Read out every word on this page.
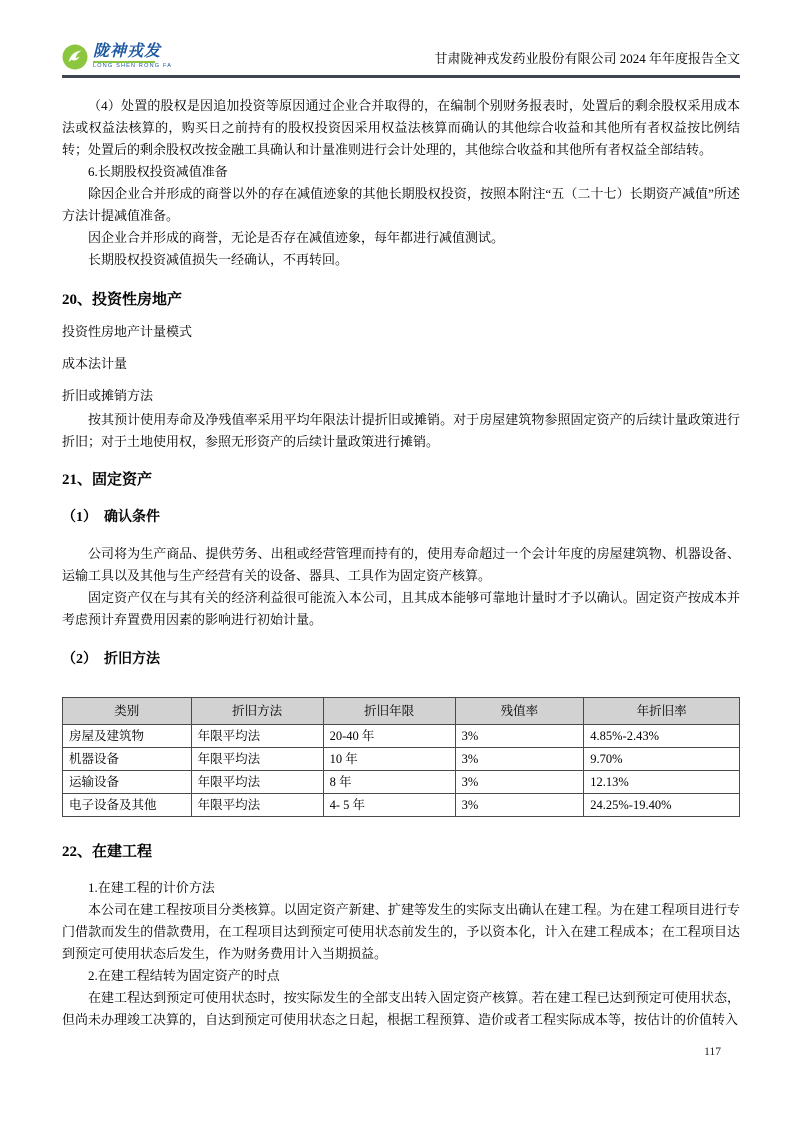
陇神戎发
LONG SHEN RONG FA
甘肃陇神戎发药业股份有限公司 2024 年年度报告全文

（4）处置的股权是因追加投资等原因通过企业合并取得的，在编制个别财务报表时，处置后的剩余股权采用成本法或权益法核算的，购买日之前持有的股权投资因采用权益法核算而确认的其他综合收益和其他所有者权益按比例结转；处置后的剩余股权改按金融工具确认和计量准则进行会计处理的，其他综合收益和其他所有者权益全部结转。

6.长期股权投资减值准备

除因企业合并形成的商誉以外的存在减值迹象的其他长期股权投资，按照本附注“五（二十七）长期资产减值”所述方法计提减值准备。

因企业合并形成的商誉，无论是否存在减值迹象，每年都进行减值测试。

长期股权投资减值损失一经确认，不再转回。

20、投资性房地产

投资性房地产计量模式

成本法计量

折旧或摊销方法

按其预计使用寿命及净残值率采用平均年限法计提折旧或摊销。对于房屋建筑物参照固定资产的后续计量政策进行折旧；对于土地使用权，参照无形资产的后续计量政策进行摊销。

21、固定资产

（1）　确认条件

公司将为生产商品、提供劳务、出租或经营管理而持有的，使用寿命超过一个会计年度的房屋建筑物、机器设备、运输工具以及其他与生产经营有关的设备、器具、工具作为固定资产核算。

固定资产仅在与其有关的经济利益很可能流入本公司，且其成本能够可靠地计量时才予以确认。固定资产按成本并考虑预计弃置费用因素的影响进行初始计量。

（2）　折旧方法

类别	折旧方法	折旧年限	残值率	年折旧率
房屋及建筑物	年限平均法	20-40 年	3%	4.85%-2.43%
机器设备	年限平均法	10 年	3%	9.70%
运输设备	年限平均法	8 年	3%	12.13%
电子设备及其他	年限平均法	4- 5 年	3%	24.25%-19.40%

22、在建工程

1.在建工程的计价方法

本公司在建工程按项目分类核算。以固定资产新建、扩建等发生的实际支出确认在建工程。为在建工程项目进行专门借款而发生的借款费用，在工程项目达到预定可使用状态前发生的，予以资本化，计入在建工程成本；在工程项目达到预定可使用状态后发生，作为财务费用计入当期损益。

2.在建工程结转为固定资产的时点

在建工程达到预定可使用状态时，按实际发生的全部支出转入固定资产核算。若在建工程已达到预定可使用状态，但尚未办理竣工决算的，自达到预定可使用状态之日起，根据工程预算、造价或者工程实际成本等，按估计的价值转入

117
